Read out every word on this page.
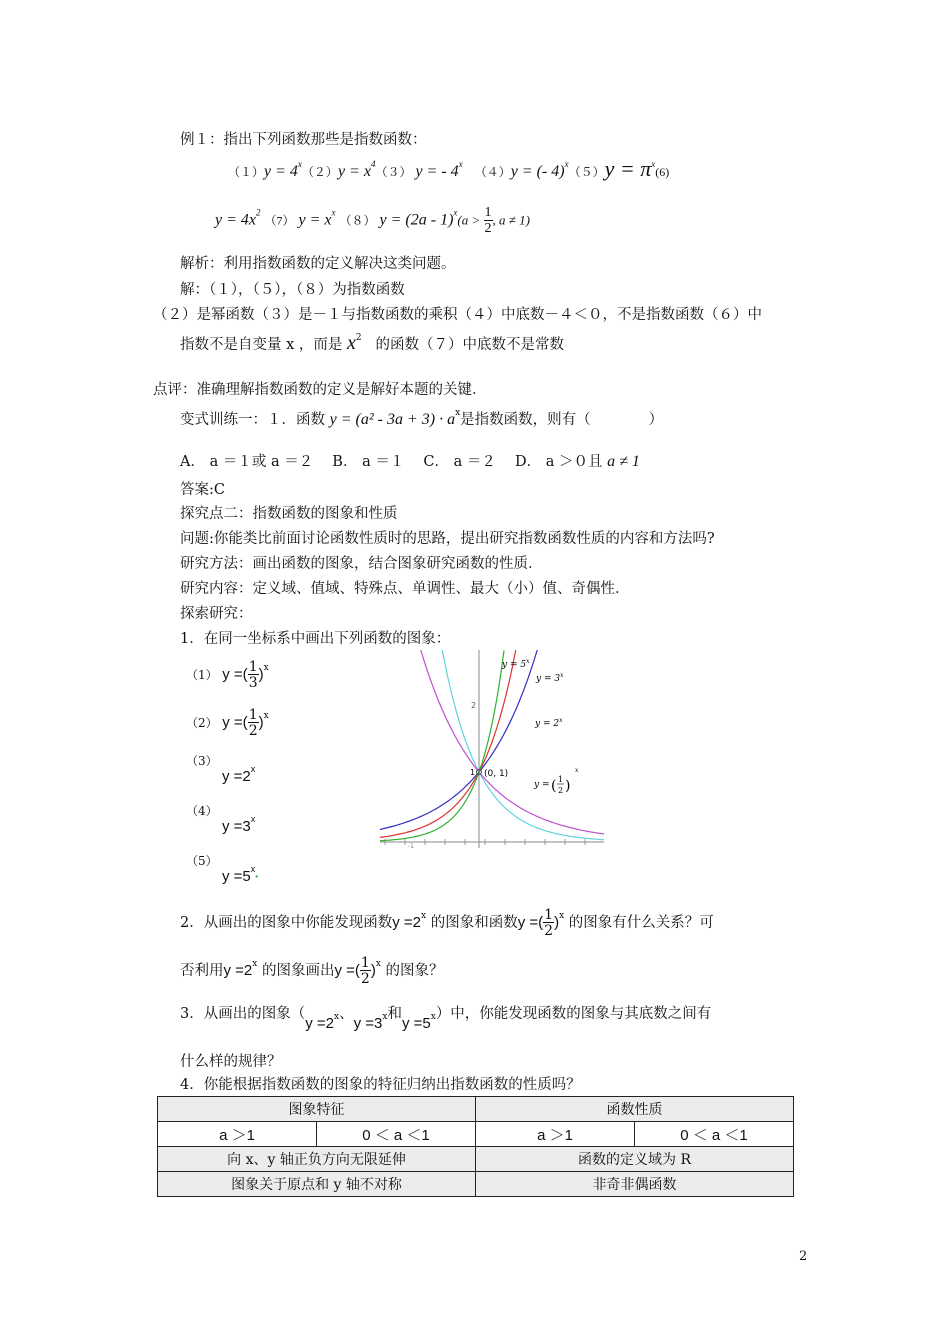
例１：指出下列函数那些是指数函数：
$(1)y = 4^x(2)y = x^4(3) y$ = - 4$^x$   （４）y = (- $4)^x(5)y = \pi^x(6)$
$y = 4x^2$ （7） $y = x^x$ （８） $y = (2a - 1)^x(a > \frac{1}{2}$ , a ≠ 1)
解析：利用指数函数的定义解决这类问题。
解：（１），（５），（８）为指数函数
（２）是幂函数（３）是－１与指数函数的乘积（４）中底数－４＜０，不是指数函数（６）中
指数不是自变量 x ，而是 $x^2$ 的函数（７）中底数不是常数
点评：准确理解指数函数的定义是解好本题的关键．
变式训练一：１．函数 $y = (a^2 - 3a + 3) \cdot a^x$是指数函数，则有（　　　　）
A． a ＝１或 a ＝２　 B． a ＝１　 C． a ＝２　 D． a ＞０且 a ≠ 1
答案:C
探究点二：指数函数的图象和性质
问题:你能类比前面讨论函数性质时的思路，提出研究指数函数性质的内容和方法吗?
研究方法：画出函数的图象，结合图象研究函数的性质．
研究内容：定义域、值域、特殊点、单调性、最大（小）值、奇偶性．
探索研究：
1．在同一坐标系中画出下列函数的图象：
（1） y =( $\frac{1}{3} )^x$
（2） y =( $\frac{1}{2} )^x$
（3）
$y =2^x$
（4）
$y =3^x$
（5）
$y =5^x•$
1
2
(0, 1)
$y = 5^x$
$y = 3^x$
$y = 2^x$
y =
1
2
( )
x
-1
2．从画出的图象中你能发现函数$y =2^x$ 的图象和函数y =( $\frac{1}{2} )^x$ 的图象有什么关系？可
否利用$y =2^x$ 的图象画出y =( $\frac{1}{2} )^x$ 的图象？
3．从画出的图象（$y =2^x$、$y =3^x$和$y =5^x$）中，你能发现函数的图象与其底数之间有
什么样的规律？
4．你能根据指数函数的图象的特征归纳出指数函数的性质吗？
图象特征		函数性质	
a ＞1	0 ＜ a ＜1	a ＞1	0 ＜ a ＜1
向 x、y 轴正负方向无限延伸		函数的定义域为 R	
图象关于原点和 y 轴不对称		非奇非偶函数	
2
